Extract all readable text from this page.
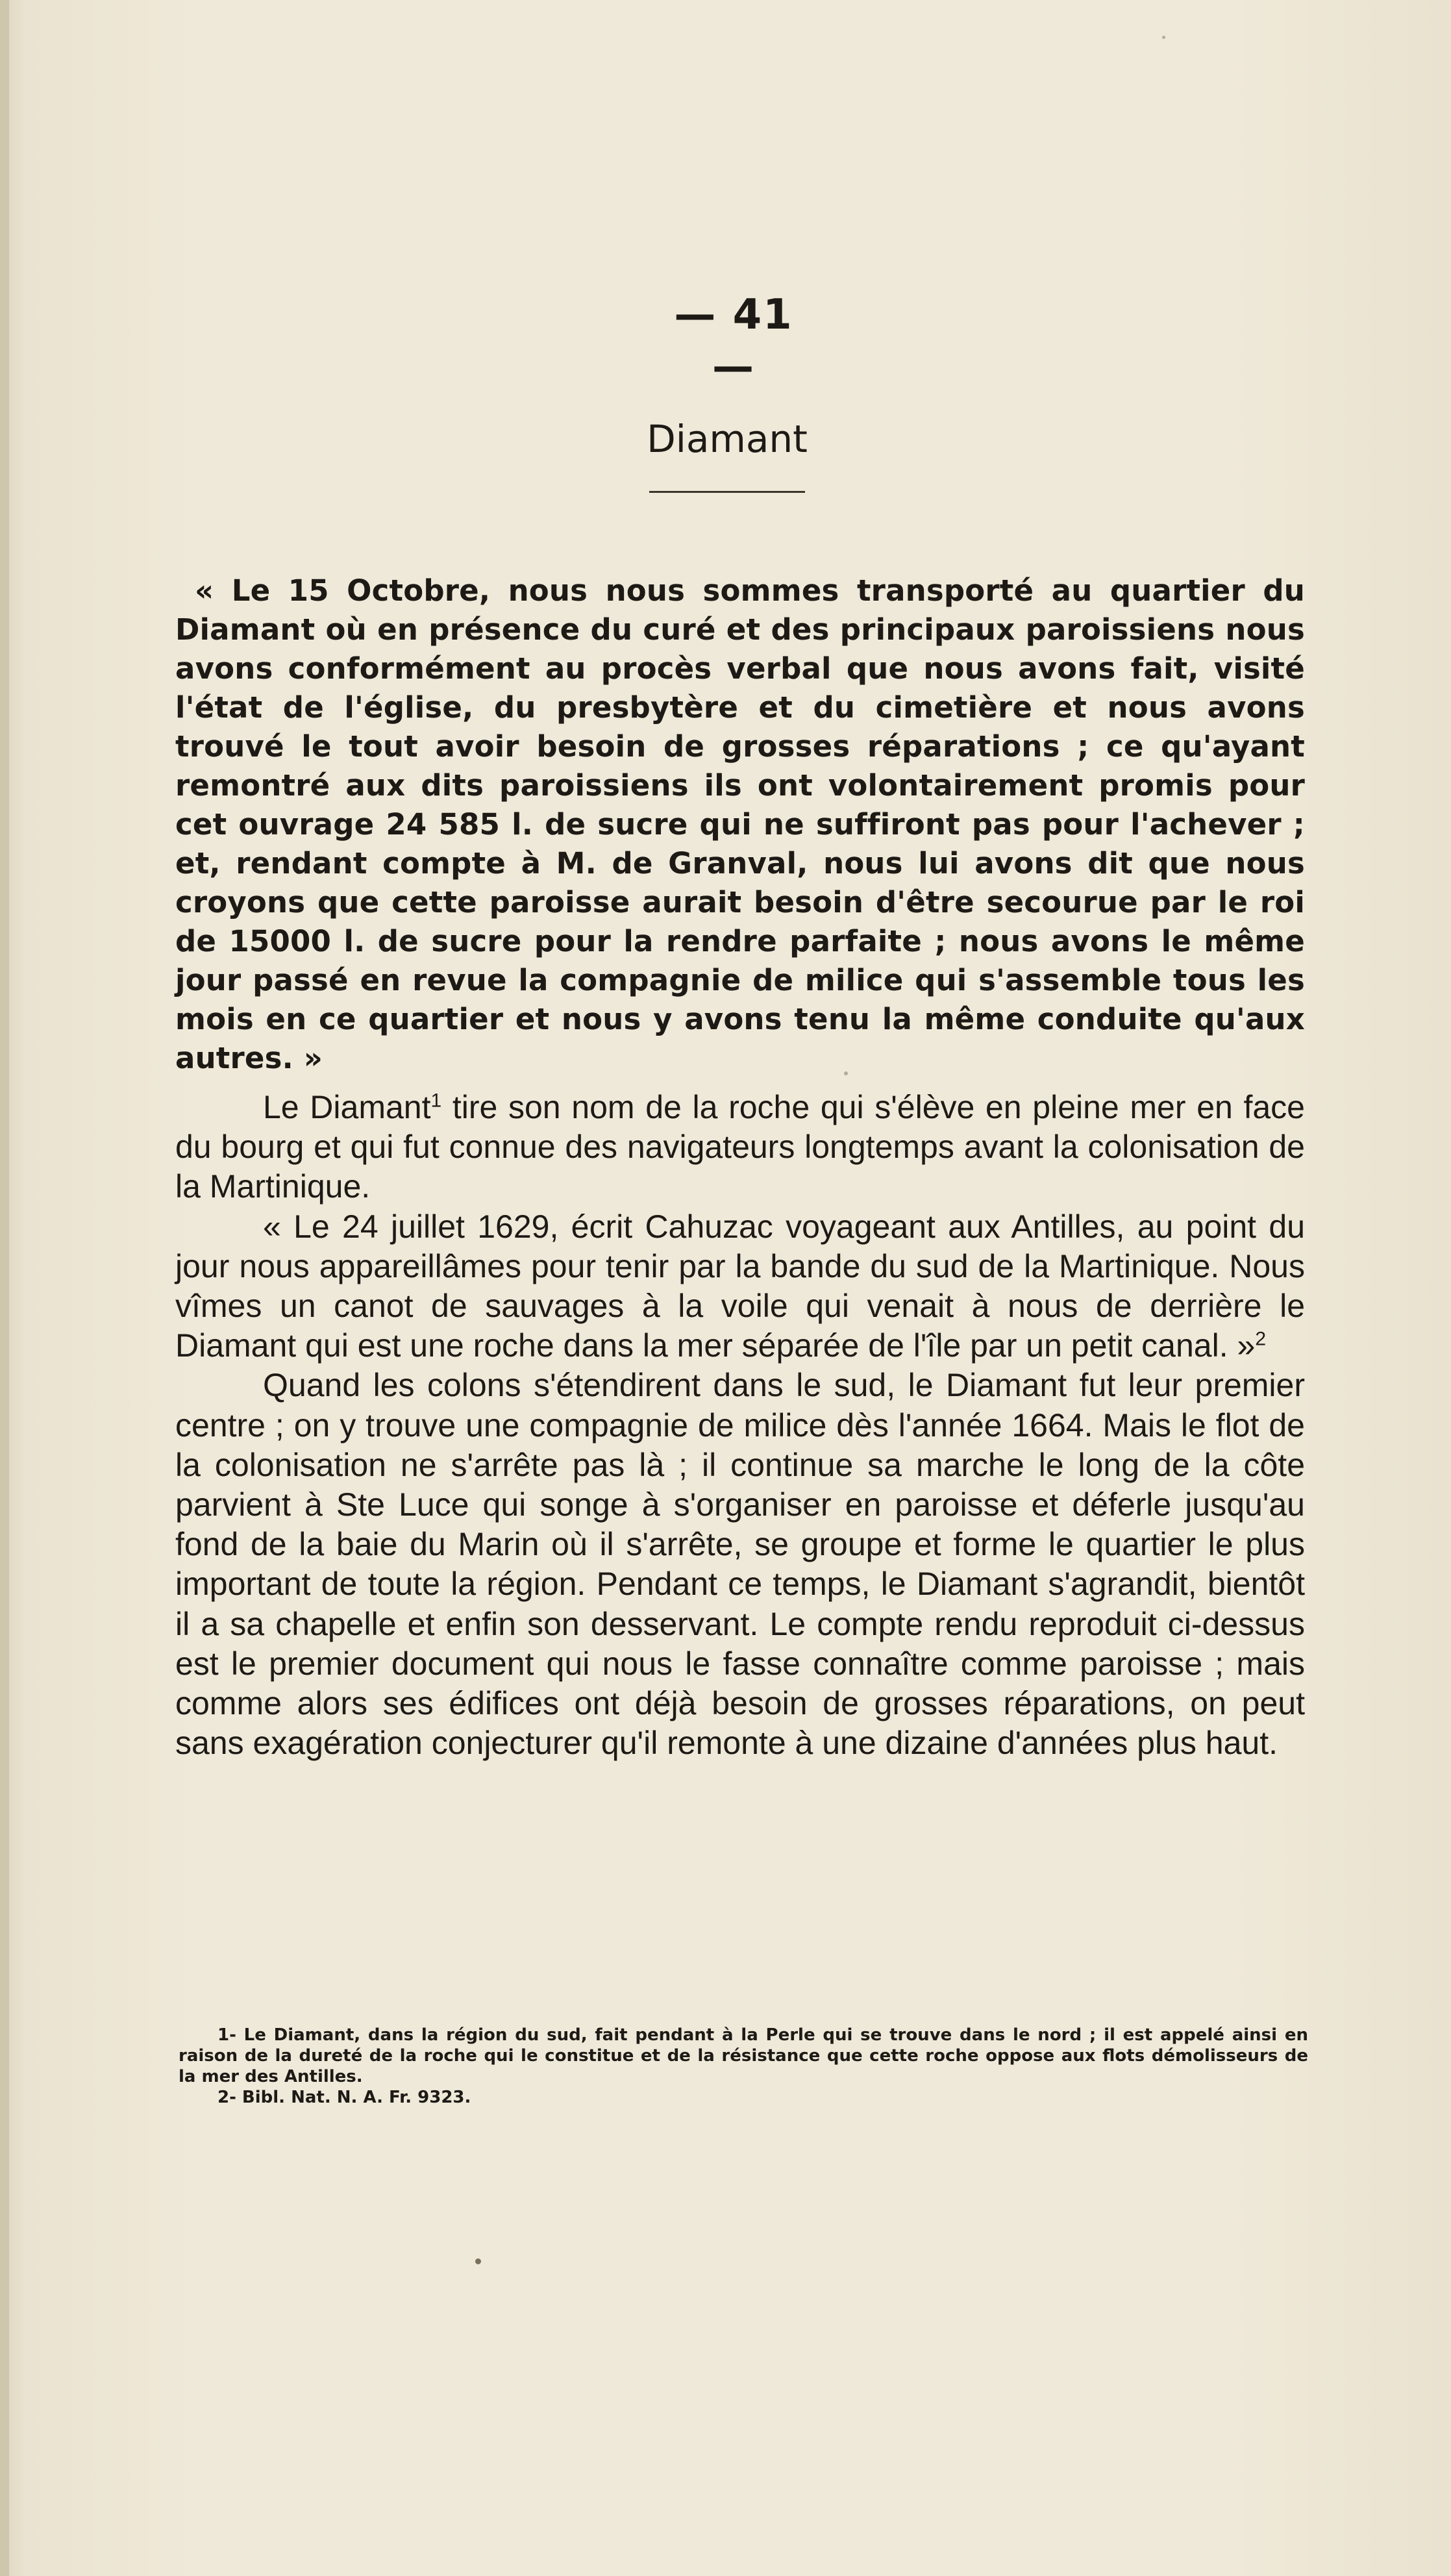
— 41 —
Diamant
« Le 15 Octobre, nous nous sommes transporté au quartier du Diamant où en présence du curé et des principaux paroissiens nous avons conformément au procès verbal que nous avons fait, visité l'état de l'église, du presbytère et du cimetière et nous avons trouvé le tout avoir besoin de grosses réparations ; ce qu'ayant remontré aux dits paroissiens ils ont volontairement promis pour cet ouvrage 24 585 l. de sucre qui ne suffiront pas pour l'achever ; et, rendant compte à M. de Granval, nous lui avons dit que nous croyons que cette paroisse aurait besoin d'être secourue par le roi de 15000 l. de sucre pour la rendre parfaite ; nous avons le même jour passé en revue la compagnie de milice qui s'assemble tous les mois en ce quartier et nous y avons tenu la même conduite qu'aux autres. »

Le Diamant$^1$ tire son nom de la roche qui s'élève en pleine mer en face du bourg et qui fut connue des navigateurs longtemps avant la colonisation de la Martinique.

« Le 24 juillet 1629, écrit Cahuzac voyageant aux Antilles, au point du jour nous appareillâmes pour tenir par la bande du sud de la Martinique. Nous vîmes un canot de sauvages à la voile qui venait à nous de derrière le Diamant qui est une roche dans la mer séparée de l'île par un petit canal. »$^2$

Quand les colons s'étendirent dans le sud, le Diamant fut leur premier centre ; on y trouve une compagnie de milice dès l'année 1664. Mais le flot de la colonisation ne s'arrête pas là ; il continue sa marche le long de la côte parvient à Ste Luce qui songe à s'organiser en paroisse et déferle jusqu'au fond de la baie du Marin où il s'arrête, se groupe et forme le quartier le plus important de toute la région. Pendant ce temps, le Diamant s'agrandit, bientôt il a sa chapelle et enfin son desservant. Le compte rendu reproduit ci-dessus est le premier document qui nous le fasse connaître comme paroisse ; mais comme alors ses édifices ont déjà besoin de grosses réparations, on peut sans exagération conjecturer qu'il remonte à une dizaine d'années plus haut.

1- Le Diamant, dans la région du sud, fait pendant à la Perle qui se trouve dans le nord ; il est appelé ainsi en raison de la dureté de la roche qui le constitue et de la résistance que cette roche oppose aux flots démolisseurs de la mer des Antilles.

2- Bibl. Nat. N. A. Fr. 9323.
